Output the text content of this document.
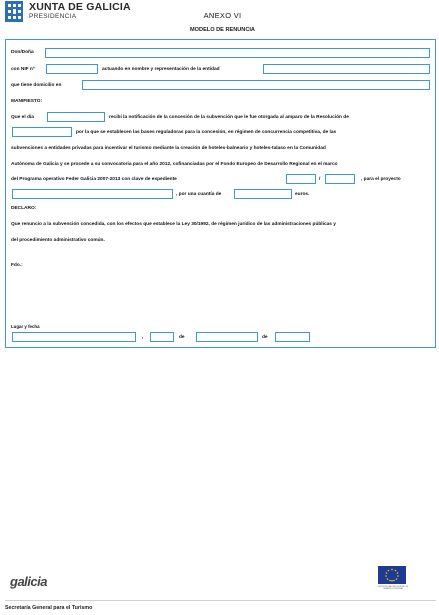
XUNTA DE GALICIA
PRESIDENCIA	ANEXO VI
MODELO DE RENUNCIA
Don/Doña
con NIF nº	actuando en nombre y representación de la entidad
que tiene domicilio en
MANIFIESTO:
Que el día	recibí la notificación de la concesión de la subvención que le fue otorgada al amparo de la Resolución de
por la que se establecen las bases reguladoras para la concesión, en régimen de concurrencia competitiva, de las
subvenciones a entidades privadas para incentivar el turismo mediante la creación de hoteles-balneario y hoteles-talaso en la Comunidad
Autónoma de Galicia y se procede a su convocatoria para el año 2012, cofinanciadas por el Fondo Europeo de Desarrollo Regional en el marco
del Programa operativo Feder Galicia 2007-2013 con clave de expediente	/	, para el proyecto
, por una cuantía de	euros.
DECLARO:
Que renuncio a la subvención concedida, con los efectos que establece la Ley 30/1992, de régimen jurídico de las administraciones públicas y
del procedimiento administrativo común.
Fdo.:
Lugar y fecha
,	de	de
galicia	UNIÓN EUROPEA FONDO EUROPEO DE DESARROLLO REGIONAL
Secretaría General para el Turismo
